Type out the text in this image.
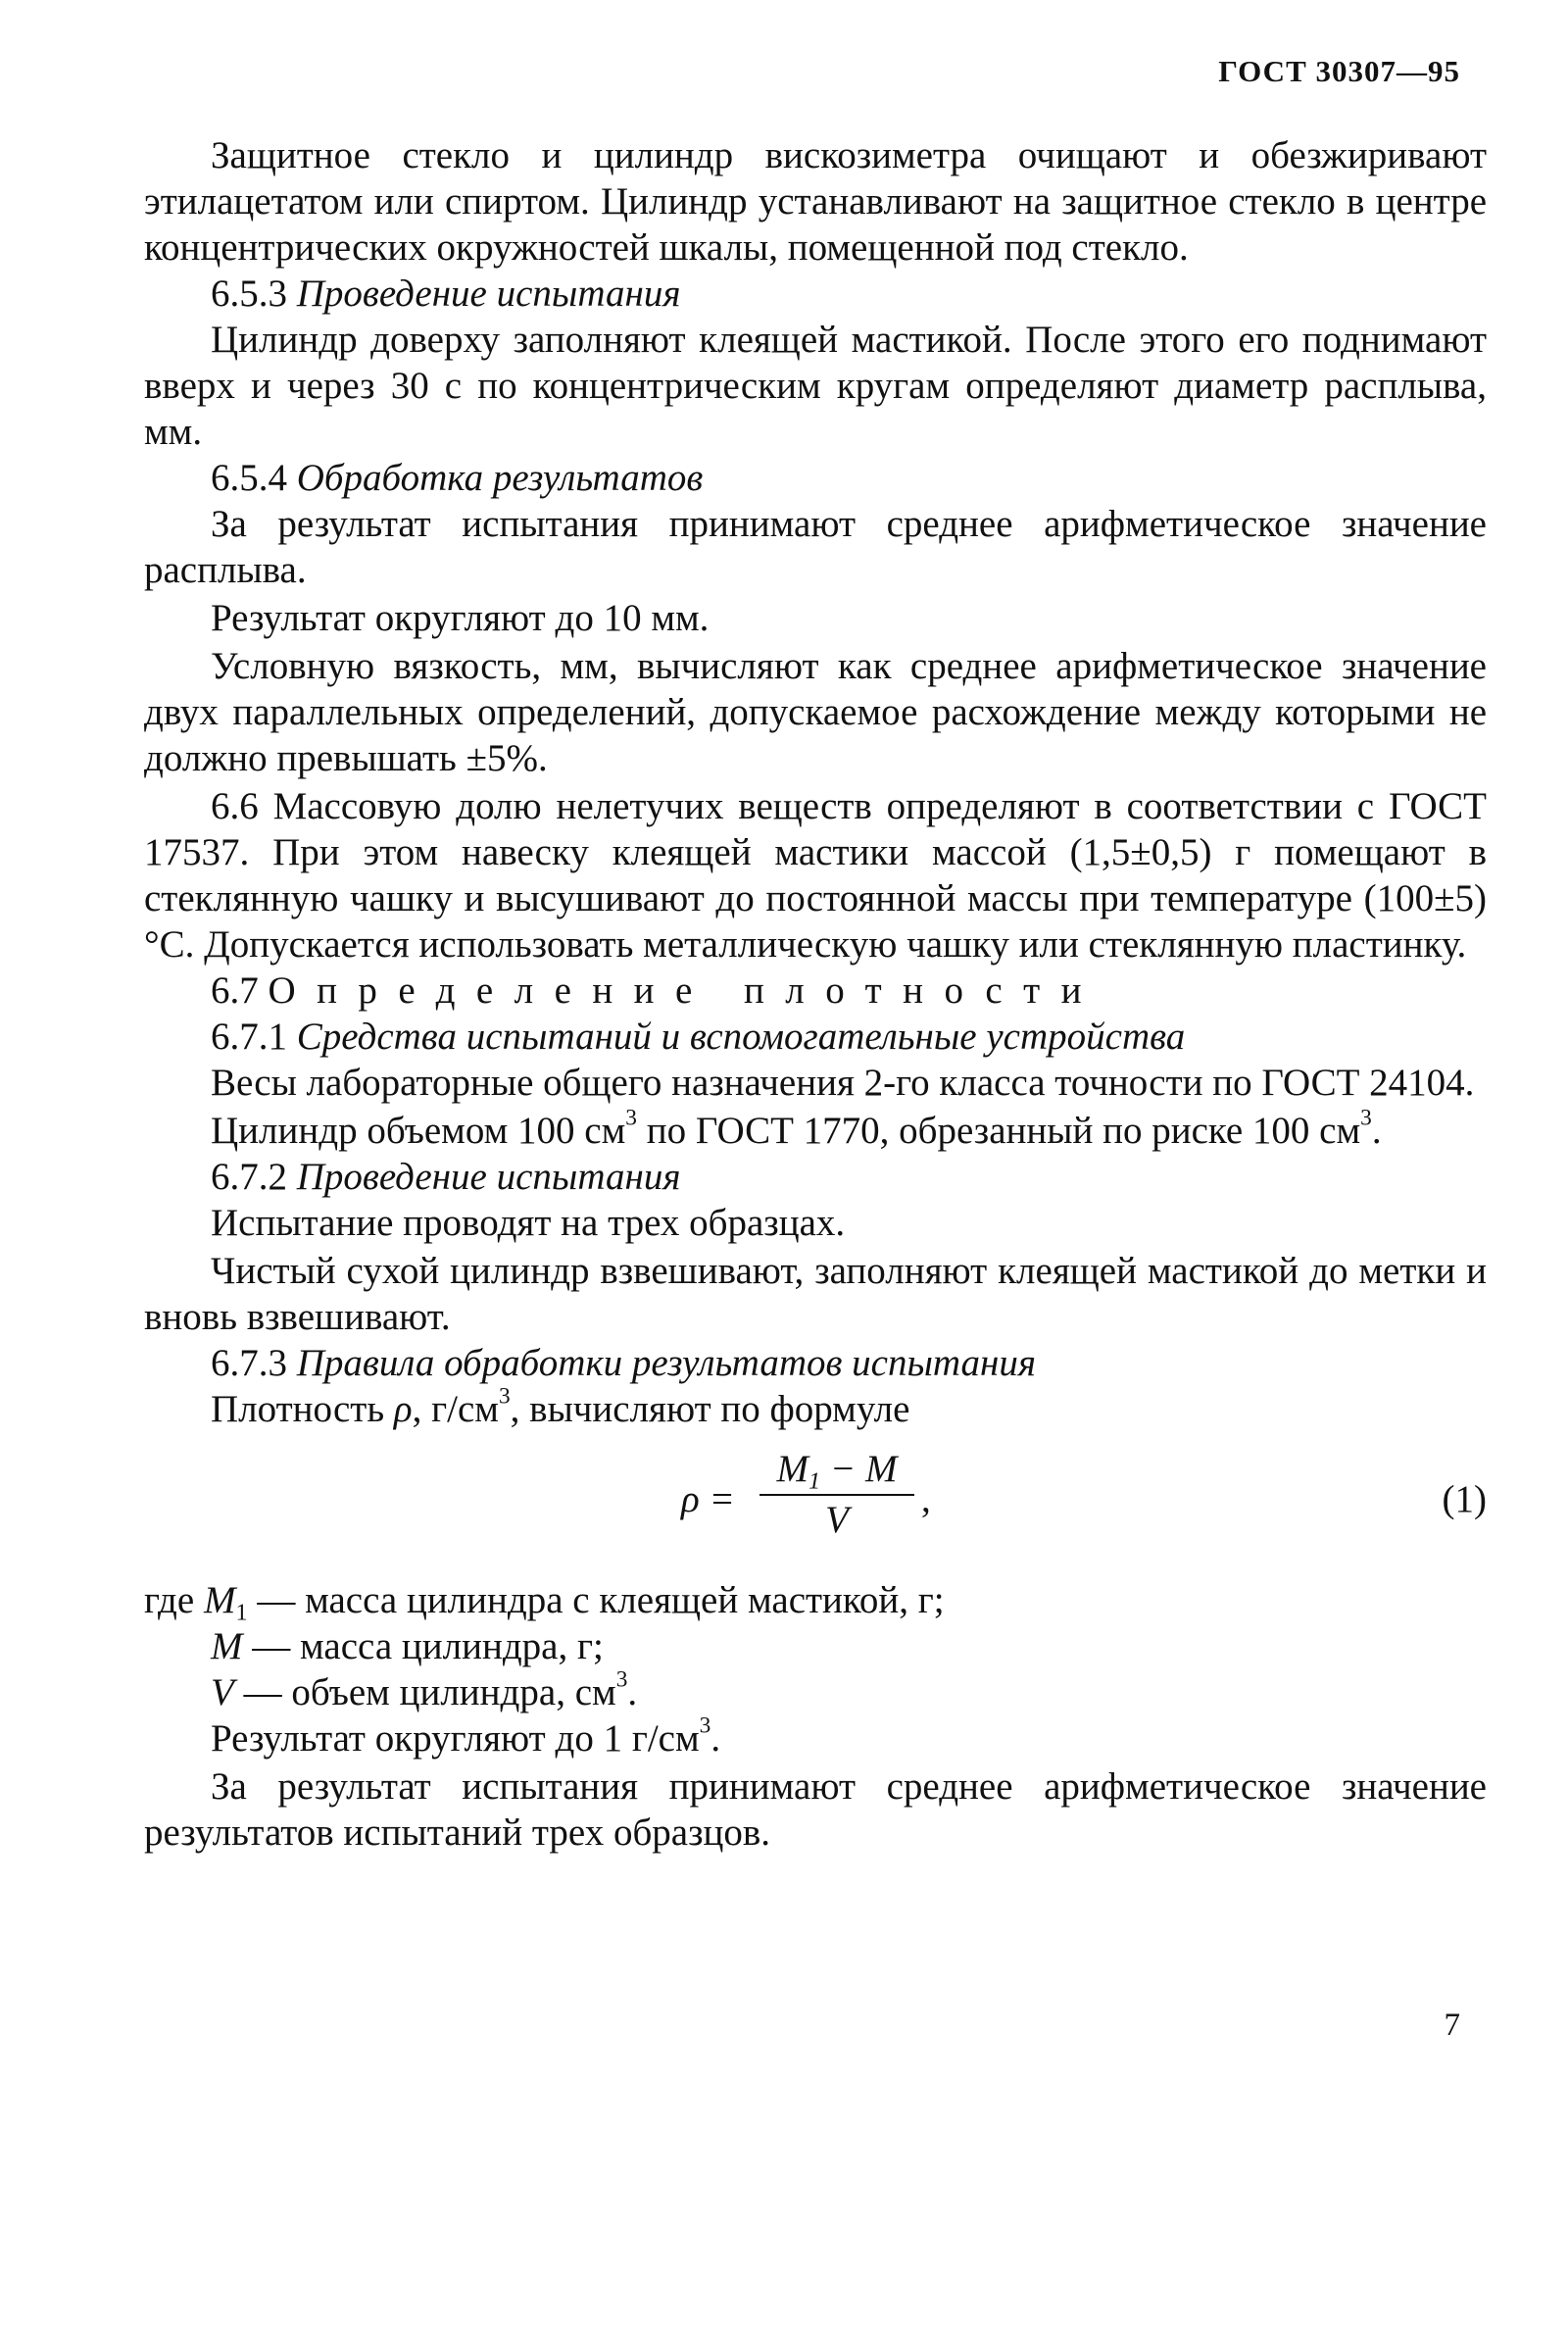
ГОСТ 30307—95

Защитное стекло и цилиндр вискозиметра очищают и обезжиривают этилацетатом или спиртом. Цилиндр устанавливают на защитное стекло в центре концентрических окружностей шкалы, помещенной под стекло.

6.5.3 Проведение испытания

Цилиндр доверху заполняют клеящей мастикой. После этого его поднимают вверх и через 30 с по концентрическим кругам определяют диаметр расплыва, мм.

6.5.4 Обработка результатов

За результат испытания принимают среднее арифметическое значение расплыва.

Результат округляют до 10 мм.

Условную вязкость, мм, вычисляют как среднее арифметическое значение двух параллельных определений, допускаемое расхождение между которыми не должно превышать ±5%.

6.6 Массовую долю нелетучих веществ определяют в соответствии с ГОСТ 17537. При этом навеску клеящей мастики массой (1,5±0,5) г помещают в стеклянную чашку и высушивают до постоянной массы при температуре (100±5)°С. Допускается использовать металлическую чашку или стеклянную пластинку.

6.7 Определение плотности

6.7.1 Средства испытаний и вспомогательные устройства

Весы лабораторные общего назначения 2-го класса точности по ГОСТ 24104.

Цилиндр объемом 100 $см^3$ по ГОСТ 1770, обрезанный по риске 100 $см^3$.

6.7.2 Проведение испытания

Испытание проводят на трех образцах.

Чистый сухой цилиндр взвешивают, заполняют клеящей мастикой до метки и вновь взвешивают.

6.7.3 Правила обработки результатов испытания

Плотность ρ, $г/см^3$, вычисляют по формуле

ρ =
$M_1 - M$
V	,	(1)

где $M_1$ — масса цилиндра с клеящей мастикой, г;

M — масса цилиндра, г;

V — объем цилиндра, $см^3$.

Результат округляют до 1 $г/см^3$.

За результат испытания принимают среднее арифметическое значение результатов испытаний трех образцов.

7
